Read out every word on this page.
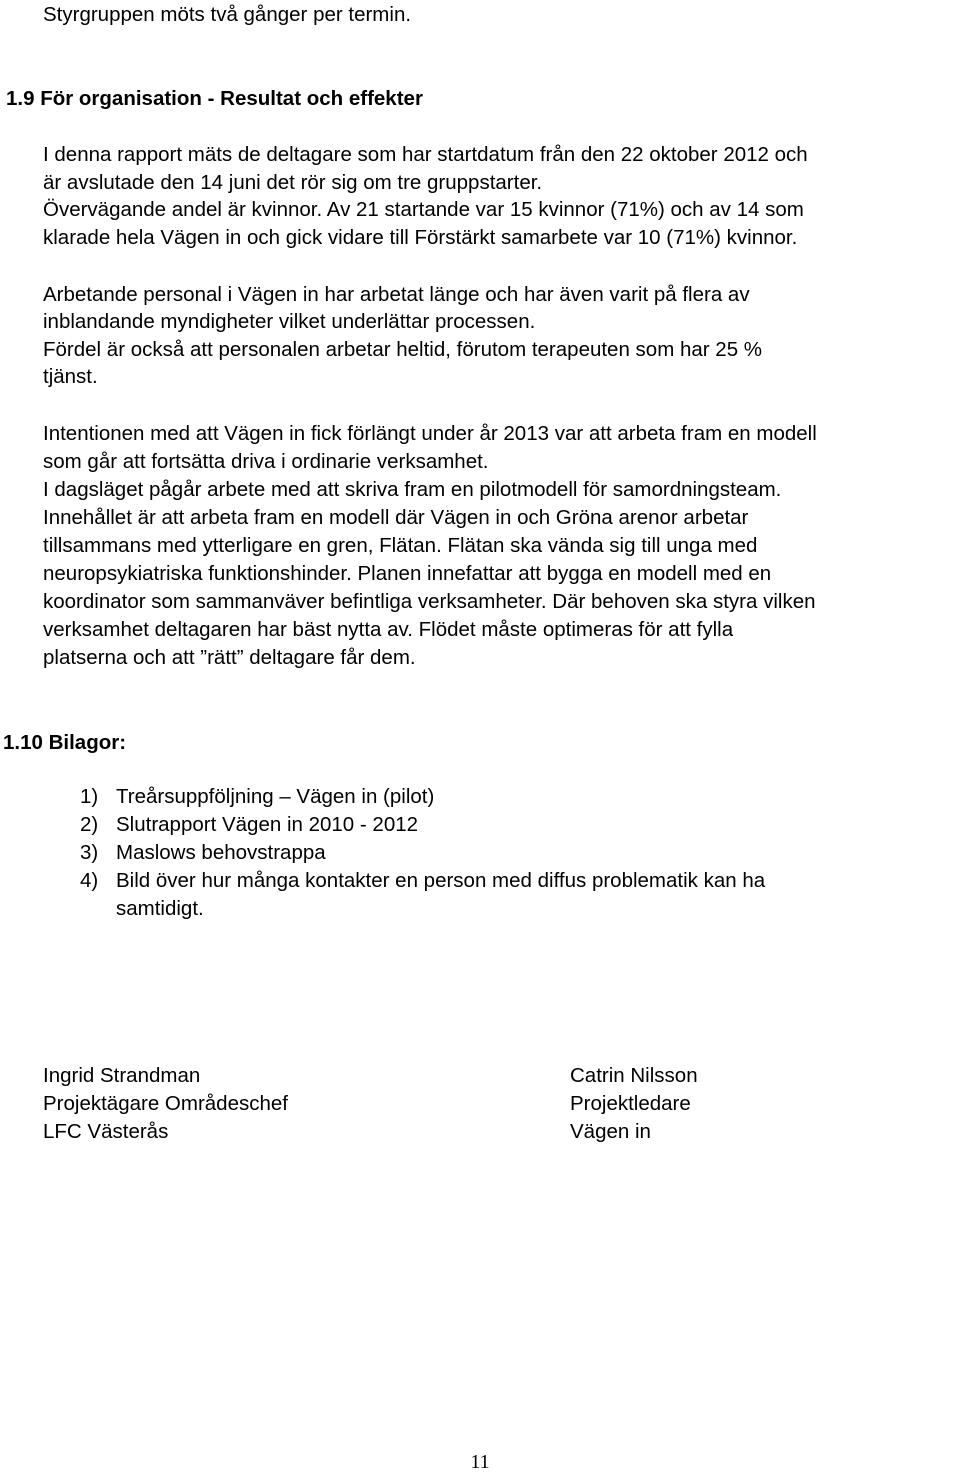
Styrgruppen möts två gånger per termin.
1.9 För organisation - Resultat och effekter
I denna rapport mäts de deltagare som har startdatum från den 22 oktober 2012 och
är avslutade den 14 juni det rör sig om tre gruppstarter.
Övervägande andel är kvinnor. Av 21 startande var 15 kvinnor (71%) och av 14 som
klarade hela Vägen in och gick vidare till Förstärkt samarbete var 10 (71%) kvinnor.
Arbetande personal i Vägen in har arbetat länge och har även varit på flera av
inblandande myndigheter vilket underlättar processen.
Fördel är också att personalen arbetar heltid, förutom terapeuten som har 25 %
tjänst.
Intentionen med att Vägen in fick förlängt under år 2013 var att arbeta fram en modell
som går att fortsätta driva i ordinarie verksamhet.
I dagsläget pågår arbete med att skriva fram en pilotmodell för samordningsteam.
Innehållet är att arbeta fram en modell där Vägen in och Gröna arenor arbetar
tillsammans med ytterligare en gren, Flätan. Flätan ska vända sig till unga med
neuropsykiatriska funktionshinder. Planen innefattar att bygga en modell med en
koordinator som sammanväver befintliga verksamheter. Där behoven ska styra vilken
verksamhet deltagaren har bäst nytta av. Flödet måste optimeras för att fylla
platserna och att ”rätt” deltagare får dem.
1.10 Bilagor:
1) Treårsuppföljning – Vägen in (pilot)
2) Slutrapport Vägen in 2010 - 2012
3) Maslows behovstrappa
4) Bild över hur många kontakter en person med diffus problematik kan ha
samtidigt.
Ingrid Strandman
Projektägare Områdeschef
LFC Västerås
Catrin Nilsson
Projektledare
Vägen in
11
